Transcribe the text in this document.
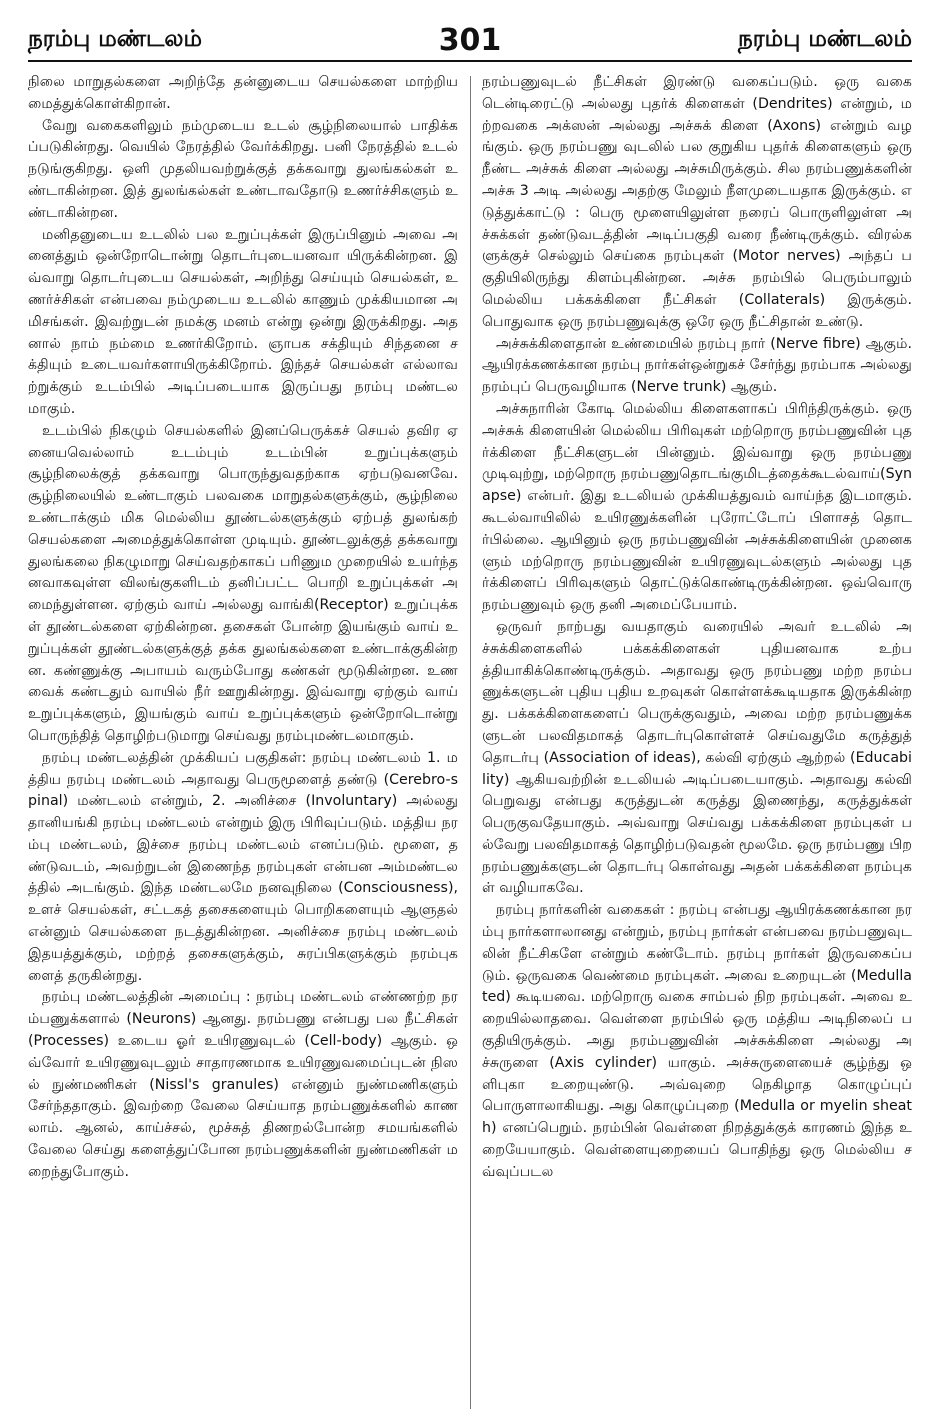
நரம்பு மண்டலம்	301	நரம்பு மண்டலம்

நிலை மாறுதல்களை அறிந்தே தன்னுடைய செயல்களை மாற்றியமைத்துக்கொள்கிறான்.

வேறு வகைகளிலும் நம்முடைய உடல் சூழ்நிலையால் பாதிக்கப்படுகின்றது. வெயில் நேரத்தில் வேர்க்கிறது. பனி நேரத்தில் உடல் நடுங்குகிறது. ஒளி முதலியவற்றுக்குத் தக்கவாறு துலங்கல்கள் உண்டாகின்றன. இத் துலங்கல்கள் உண்டாவதோடு உணர்ச்சிகளும் உண்டாகின்றன.

மனிதனுடைய உடலில் பல உறுப்புக்கள் இருப்பினும் அவை அனைத்தும் ஒன்றோடொன்று தொடர்புடையனவா யிருக்கின்றன. இவ்வாறு தொடர்புடைய செயல்கள், அறிந்து செய்யும் செயல்கள், உணர்ச்சிகள் என்பவை நம்முடைய உடலில் காணும் முக்கியமான அமிசங்கள். இவற்றுடன் நமக்கு மனம் என்று ஒன்று இருக்கிறது. அதனால் நாம் நம்மை உணர்கிறோம். ஞாபக சக்தியும் சிந்தனை சக்தியும் உடையவர்களாயிருக்கிறோம். இந்தச் செயல்கள் எல்லாவற்றுக்கும் உடம்பில் அடிப்படையாக இருப்பது நரம்பு மண்டலமாகும்.

உடம்பில் நிகழும் செயல்களில் இனப்பெருக்கச் செயல் தவிர ஏனையவெல்லாம் உடம்பும் உடம்பின் உறுப்புக்களும் சூழ்நிலைக்குத் தக்கவாறு பொருந்துவதற்காக ஏற்படுவனவே. சூழ்நிலையில் உண்டாகும் பலவகை மாறுதல்களுக்கும், சூழ்நிலை உண்டாக்கும் மிக மெல்லிய தூண்டல்களுக்கும் ஏற்பத் துலங்கற் செயல்களை அமைத்துக்கொள்ள முடியும். தூண்டலுக்குத் தக்கவாறு துலங்கலை நிகழுமாறு செய்வதற்காகப் பரிணும முறையில் உயர்ந்தனவாகவுள்ள விலங்குகளிடம் தனிப்பட்ட பொறி உறுப்புக்கள் அமைந்துள்ளன. ஏற்கும் வாய் அல்லது வாங்கி(Receptor) உறுப்புக்கள் தூண்டல்களை ஏற்கின்றன. தசைகள் போன்ற இயங்கும் வாய் உறுப்புக்கள் தூண்டல்களுக்குத் தக்க துலங்கல்களை உண்டாக்குகின்றன. கண்ணுக்கு அபாயம் வரும்போது கண்கள் மூடுகின்றன. உணவைக் கண்டதும் வாயில் நீர் ஊறுகின்றது. இவ்வாறு ஏற்கும் வாய் உறுப்புக்களும், இயங்கும் வாய் உறுப்புக்களும் ஒன்றோடொன்று பொருந்தித் தொழிற்படுமாறு செய்வது நரம்புமண்டலமாகும்.

நரம்பு மண்டலத்தின் முக்கியப் பகுதிகள்: நரம்பு மண்டலம் 1. மத்திய நரம்பு மண்டலம் அதாவது பெருமூளைத் தண்டு (Cerebro-spinal) மண்டலம் என்றும், 2. அனிச்சை (Involuntary) அல்லது தானியங்கி நரம்பு மண்டலம் என்றும் இரு பிரிவுப்படும். மத்திய நரம்பு மண்டலம், இச்சை நரம்பு மண்டலம் எனப்படும். மூளை, தண்டுவடம், அவற்றுடன் இணைந்த நரம்புகள் என்பன அம்மண்டலத்தில் அடங்கும். இந்த மண்டலமே நனவுநிலை (Consciousness), உளச் செயல்கள், சட்டகத் தசைகளையும் பொறிகளையும் ஆளுதல் என்னும் செயல்களை நடத்துகின்றன. அனிச்சை நரம்பு மண்டலம் இதயத்துக்கும், மற்றத் தசைகளுக்கும், சுரப்பிகளுக்கும் நரம்புகளைத் தருகின்றது.

நரம்பு மண்டலத்தின் அமைப்பு : நரம்பு மண்டலம் எண்ணற்ற நரம்பணுக்களால் (Neurons) ஆனது. நரம்பணு என்பது பல நீட்சிகள் (Processes) உடைய ஓர் உயிரணுவுடல் (Cell-body) ஆகும். ஒவ்வோர் உயிரணுவுடலும் சாதாரணமாக உயிரணுவமைப்புடன் நிஸல் நுண்மணிகள் (Nissl's granules) என்னும் நுண்மணிகளும் சேர்ந்ததாகும். இவற்றை வேலை செய்யாத நரம்பணுக்களில் காணலாம். ஆனல், காய்ச்சல், மூச்சுத் திணறல்போன்ற சமயங்களில் வேலை செய்து களைத்துப்போன நரம்பணுக்களின் நுண்மணிகள் மறைந்துபோகும்.

நரம்பணுவுடல் நீட்சிகள் இரண்டு வகைப்படும். ஒரு வகை டென்டிரைட்டு அல்லது புதர்க் கிளைகள் (Dendrites) என்றும், மற்றவகை அக்ஸன் அல்லது அச்சுக் கிளை (Axons) என்றும் வழங்கும். ஒரு நரம்பணு வுடலில் பல குறுகிய புதர்க் கிளைகளும் ஒரு நீண்ட அச்சுக் கிளை அல்லது அச்சுமிருக்கும். சில நரம்பணுக்களின் அச்சு 3 அடி அல்லது அதற்கு மேலும் நீளமுடையதாக இருக்கும். எடுத்துக்காட்டு : பெரு மூளையிலுள்ள நரைப் பொருளிலுள்ள அச்சுக்கள் தண்டுவடத்தின் அடிப்பகுதி வரை நீண்டிருக்கும். விரல்களுக்குச் செல்லும் செய்கை நரம்புகள் (Motor nerves) அந்தப் பகுதியிலிருந்து கிளம்புகின்றன. அச்சு நரம்பில் பெரும்பாலும் மெல்லிய பக்கக்கிளை நீட்சிகள் (Collaterals) இருக்கும். பொதுவாக ஒரு நரம்பணுவுக்கு ஒரே ஒரு நீட்சிதான் உண்டு.

அச்சுக்கிளைதான் உண்மையில் நரம்பு நார் (Nerve fibre) ஆகும். ஆயிரக்கணக்கான நரம்பு நார்கள்ஒன்றுகச் சேர்ந்து நரம்பாக அல்லது நரம்புப் பெருவழியாக (Nerve trunk) ஆகும்.

அச்சுநாரின் கோடி மெல்லிய கிளைகளாகப் பிரிந்திருக்கும். ஒரு அச்சுக் கிளையின் மெல்லிய பிரிவுகள் மற்றொரு நரம்பணுவின் புதர்க்கிளை நீட்சிகளுடன் பின்னும். இவ்வாறு ஒரு நரம்பணு முடிவுற்று, மற்றொரு நரம்பணுதொடங்குமிடத்தைக்கூடல்வாய்(Synapse) என்பர். இது உடலியல் முக்கியத்துவம் வாய்ந்த இடமாகும். கூடல்வாயிலில் உயிரணுக்களின் புரோட்டோப் பிளாசத் தொடர்பில்லை. ஆயினும் ஒரு நரம்பணுவின் அச்சுக்கிளையின் முனைகளும் மற்றொரு நரம்பணுவின் உயிரணுவுடல்களும் அல்லது புதர்க்கிளைப் பிரிவுகளும் தொட்டுக்கொண்டிருக்கின்றன. ஒவ்வொரு நரம்பணுவும் ஒரு தனி அமைப்பேயாம்.

ஒருவர் நாற்பது வயதாகும் வரையில் அவர் உடலில் அச்சுக்கிளைகளில் பக்கக்கிளைகள் புதியனவாக உற்பத்தியாகிக்கொண்டிருக்கும். அதாவது ஒரு நரம்பணு மற்ற நரம்பணுக்களுடன் புதிய புதிய உறவுகள் கொள்ளக்கூடியதாக இருக்கின்றது. பக்கக்கிளைகளைப் பெருக்குவதும், அவை மற்ற நரம்பணுக்களுடன் பலவிதமாகத் தொடர்புகொள்ளச் செய்வதுமே கருத்துத் தொடர்பு (Association of ideas), கல்வி ஏற்கும் ஆற்றல் (Educability) ஆகியவற்றின் உடலியல் அடிப்படையாகும். அதாவது கல்வி பெறுவது என்பது கருத்துடன் கருத்து இணைந்து, கருத்துக்கள் பெருகுவதேயாகும். அவ்வாறு செய்வது பக்கக்கிளை நரம்புகள் பல்வேறு பலவிதமாகத் தொழிற்படுவதன் மூலமே. ஒரு நரம்பணு பிற நரம்பணுக்களுடன் தொடர்பு கொள்வது அதன் பக்கக்கிளை நரம்புகள் வழியாகவே.

நரம்பு நார்களின் வகைகள் : நரம்பு என்பது ஆயிரக்கணக்கான நரம்பு நார்களாலானது என்றும், நரம்பு நார்கள் என்பவை நரம்பணுவுடலின் நீட்சிகளே என்றும் கண்டோம். நரம்பு நார்கள் இருவகைப்படும். ஒருவகை வெண்மை நரம்புகள். அவை உறையுடன் (Medullated) கூடியவை. மற்றொரு வகை சாம்பல் நிற நரம்புகள். அவை உறையில்லாதவை. வெள்ளை நரம்பில் ஒரு மத்திய அடிநிலைப் பகுதியிருக்கும். அது நரம்பணுவின் அச்சுக்கிளை அல்லது அச்சுருளை (Axis cylinder) யாகும். அச்சுருளையைச் சூழ்ந்து ஒளிபுகா உறையுண்டு. அவ்வுறை நெகிழாத கொழுப்புப் பொருளாலாகியது. அது கொழுப்புறை (Medulla or myelin sheath) எனப்பெறும். நரம்பின் வெள்ளை நிறத்துக்குக் காரணம் இந்த உறையேயாகும். வெள்ளையுறையைப் பொதிந்து ஒரு மெல்லிய சவ்வுப்படல
